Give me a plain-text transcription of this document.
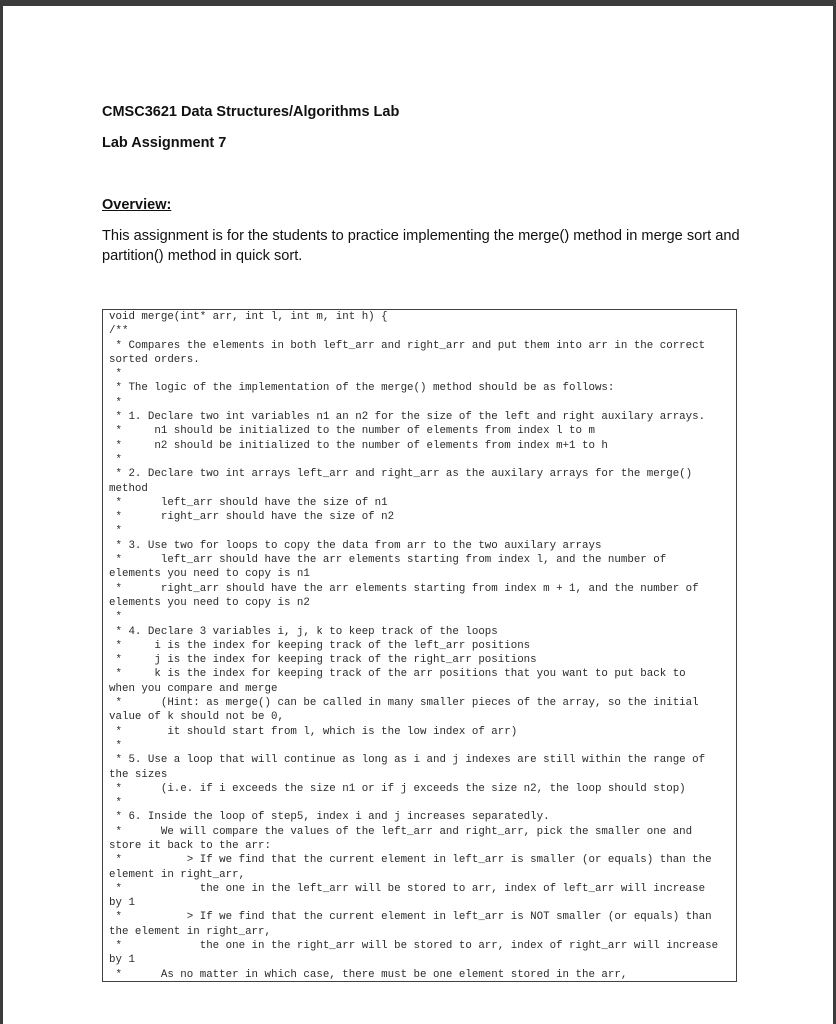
CMSC3621 Data Structures/Algorithms Lab
Lab Assignment 7
Overview:
This assignment is for the students to practice implementing the merge() method in merge sort and partition() method in quick sort.
void merge(int* arr, int l, int m, int h) {
/**
* Compares the elements in both left_arr and right_arr and put them into arr in the correct
sorted orders.
*
* The logic of the implementation of the merge() method should be as follows:
*
* 1. Declare two int variables n1 an n2 for the size of the left and right auxilary arrays.
*     n1 should be initialized to the number of elements from index l to m
*     n2 should be initialized to the number of elements from index m+1 to h
*
* 2. Declare two int arrays left_arr and right_arr as the auxilary arrays for the merge()
method
*      left_arr should have the size of n1
*      right_arr should have the size of n2
*
* 3. Use two for loops to copy the data from arr to the two auxilary arrays
*      left_arr should have the arr elements starting from index l, and the number of
elements you need to copy is n1
*      right_arr should have the arr elements starting from index m + 1, and the number of
elements you need to copy is n2
*
* 4. Declare 3 variables i, j, k to keep track of the loops
*     i is the index for keeping track of the left_arr positions
*     j is the index for keeping track of the right_arr positions
*     k is the index for keeping track of the arr positions that you want to put back to
when you compare and merge
*      (Hint: as merge() can be called in many smaller pieces of the array, so the initial
value of k should not be 0,
*       it should start from l, which is the low index of arr)
*
* 5. Use a loop that will continue as long as i and j indexes are still within the range of
the sizes
*      (i.e. if i exceeds the size n1 or if j exceeds the size n2, the loop should stop)
*
* 6. Inside the loop of step5, index i and j increases separatedly.
*      We will compare the values of the left_arr and right_arr, pick the smaller one and
store it back to the arr:
*          > If we find that the current element in left_arr is smaller (or equals) than the
element in right_arr,
*            the one in the left_arr will be stored to arr, index of left_arr will increase
by 1
*          > If we find that the current element in left_arr is NOT smaller (or equals) than
the element in right_arr,
*            the one in the right_arr will be stored to arr, index of right_arr will increase
by 1
*      As no matter in which case, there must be one element stored in the arr,
